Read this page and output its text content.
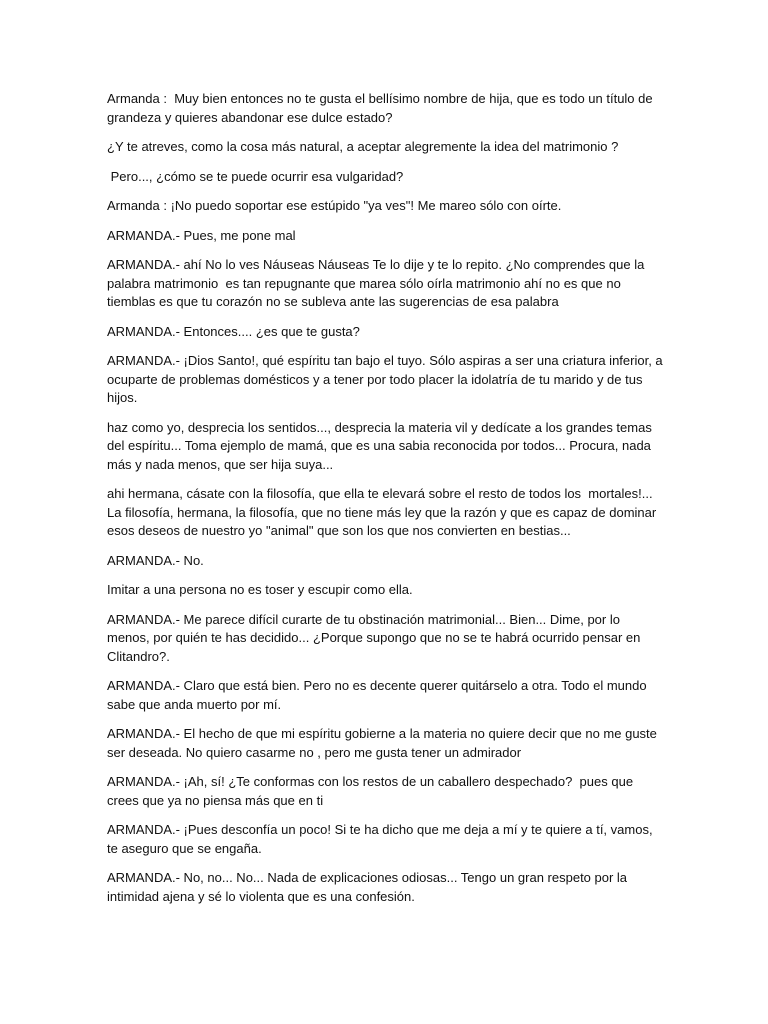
Armanda :  Muy bien entonces no te gusta el bellísimo nombre de hija, que es todo un título de grandeza y quieres abandonar ese dulce estado?

¿Y te atreves, como la cosa más natural, a aceptar alegremente la idea del matrimonio ?

Pero..., ¿cómo se te puede ocurrir esa vulgaridad?

Armanda : ¡No puedo soportar ese estúpido "ya ves"! Me mareo sólo con oírte.

ARMANDA.- Pues, me pone mal

ARMANDA.- ahí No lo ves Náuseas Náuseas Te lo dije y te lo repito. ¿No comprendes que la palabra matrimonio  es tan repugnante que marea sólo oírla matrimonio ahí no es que no tiemblas es que tu corazón no se subleva ante las sugerencias de esa palabra

ARMANDA.- Entonces.... ¿es que te gusta?

ARMANDA.- ¡Dios Santo!, qué espíritu tan bajo el tuyo. Sólo aspiras a ser una criatura inferior, a ocuparte de problemas domésticos y a tener por todo placer la idolatría de tu marido y de tus hijos.

haz como yo, desprecia los sentidos..., desprecia la materia vil y dedícate a los grandes temas del espíritu... Toma ejemplo de mamá, que es una sabia reconocida por todos... Procura, nada más y nada menos, que ser hija suya...

ahi hermana, cásate con la filosofía, que ella te elevará sobre el resto de todos los  mortales!... La filosofía, hermana, la filosofía, que no tiene más ley que la razón y que es capaz de dominar esos deseos de nuestro yo "animal" que son los que nos convierten en bestias...

ARMANDA.- No.

Imitar a una persona no es toser y escupir como ella.

ARMANDA.- Me parece difícil curarte de tu obstinación matrimonial... Bien... Dime, por lo menos, por quién te has decidido... ¿Porque supongo que no se te habrá ocurrido pensar en Clitandro?.

ARMANDA.- Claro que está bien. Pero no es decente querer quitárselo a otra. Todo el mundo sabe que anda muerto por mí.

ARMANDA.- El hecho de que mi espíritu gobierne a la materia no quiere decir que no me guste ser deseada. No quiero casarme no , pero me gusta tener un admirador

ARMANDA.- ¡Ah, sí! ¿Te conformas con los restos de un caballero despechado?  pues que crees que ya no piensa más que en ti

ARMANDA.- ¡Pues desconfía un poco! Si te ha dicho que me deja a mí y te quiere a tí, vamos, te aseguro que se engaña.

ARMANDA.- No, no... No... Nada de explicaciones odiosas... Tengo un gran respeto por la intimidad ajena y sé lo violenta que es una confesión.
